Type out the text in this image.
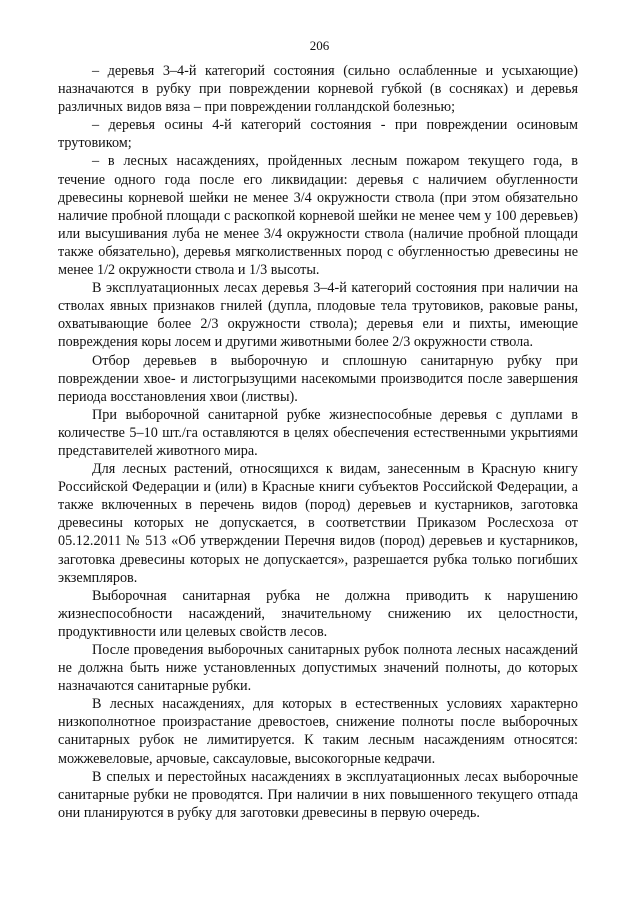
206

– деревья 3–4-й категорий состояния (сильно ослабленные и усыхающие) назначаются в рубку при повреждении корневой губкой (в сосняках) и деревья различных видов вяза – при повреждении голландской болезнью;

– деревья осины 4-й категорий состояния - при повреждении осиновым трутовиком;

– в лесных насаждениях, пройденных лесным пожаром текущего года, в течение одного года после его ликвидации: деревья с наличием обугленности древесины корневой шейки не менее 3/4 окружности ствола (при этом обязательно наличие пробной площади с раскопкой корневой шейки не менее чем у 100 деревьев) или высушивания луба не менее 3/4 окружности ствола (наличие пробной площади также обязательно), деревья мягколиственных пород с обугленностью древесины не менее 1/2 окружности ствола и 1/3 высоты.

В эксплуатационных лесах деревья 3–4-й категорий состояния при наличии на стволах явных признаков гнилей (дупла, плодовые тела трутовиков, раковые раны, охватывающие более 2/3 окружности ствола); деревья ели и пихты, имеющие повреждения коры лосем и другими животными более 2/3 окружности ствола.

Отбор деревьев в выборочную и сплошную санитарную рубку при повреждении хвое- и листогрызущими насекомыми производится после завершения периода восстановления хвои (листвы).

При выборочной санитарной рубке жизнеспособные деревья с дуплами в количестве 5–10 шт./га оставляются в целях обеспечения естественными укрытиями представителей животного мира.

Для лесных растений, относящихся к видам, занесенным в Красную книгу Российской Федерации и (или) в Красные книги субъектов Российской Федерации, а также включенных в перечень видов (пород) деревьев и кустарников, заготовка древесины которых не допускается, в соответствии Приказом Рослесхоза от 05.12.2011 № 513 «Об утверждении Перечня видов (пород) деревьев и кустарников, заготовка древесины которых не допускается», разрешается рубка только погибших экземпляров.

Выборочная санитарная рубка не должна приводить к нарушению жизнеспособности насаждений, значительному снижению их целостности, продуктивности или целевых свойств лесов.

После проведения выборочных санитарных рубок полнота лесных насаждений не должна быть ниже установленных допустимых значений полноты, до которых назначаются санитарные рубки.

В лесных насаждениях, для которых в естественных условиях характерно низкополнотное произрастание древостоев, снижение полноты после выборочных санитарных рубок не лимитируется. К таким лесным насаждениям относятся: можжевеловые, арчовые, саксауловые, высокогорные кедрачи.

В спелых и перестойных насаждениях в эксплуатационных лесах выборочные санитарные рубки не проводятся. При наличии в них повышенного текущего отпада они планируются в рубку для заготовки древесины в первую очередь.
